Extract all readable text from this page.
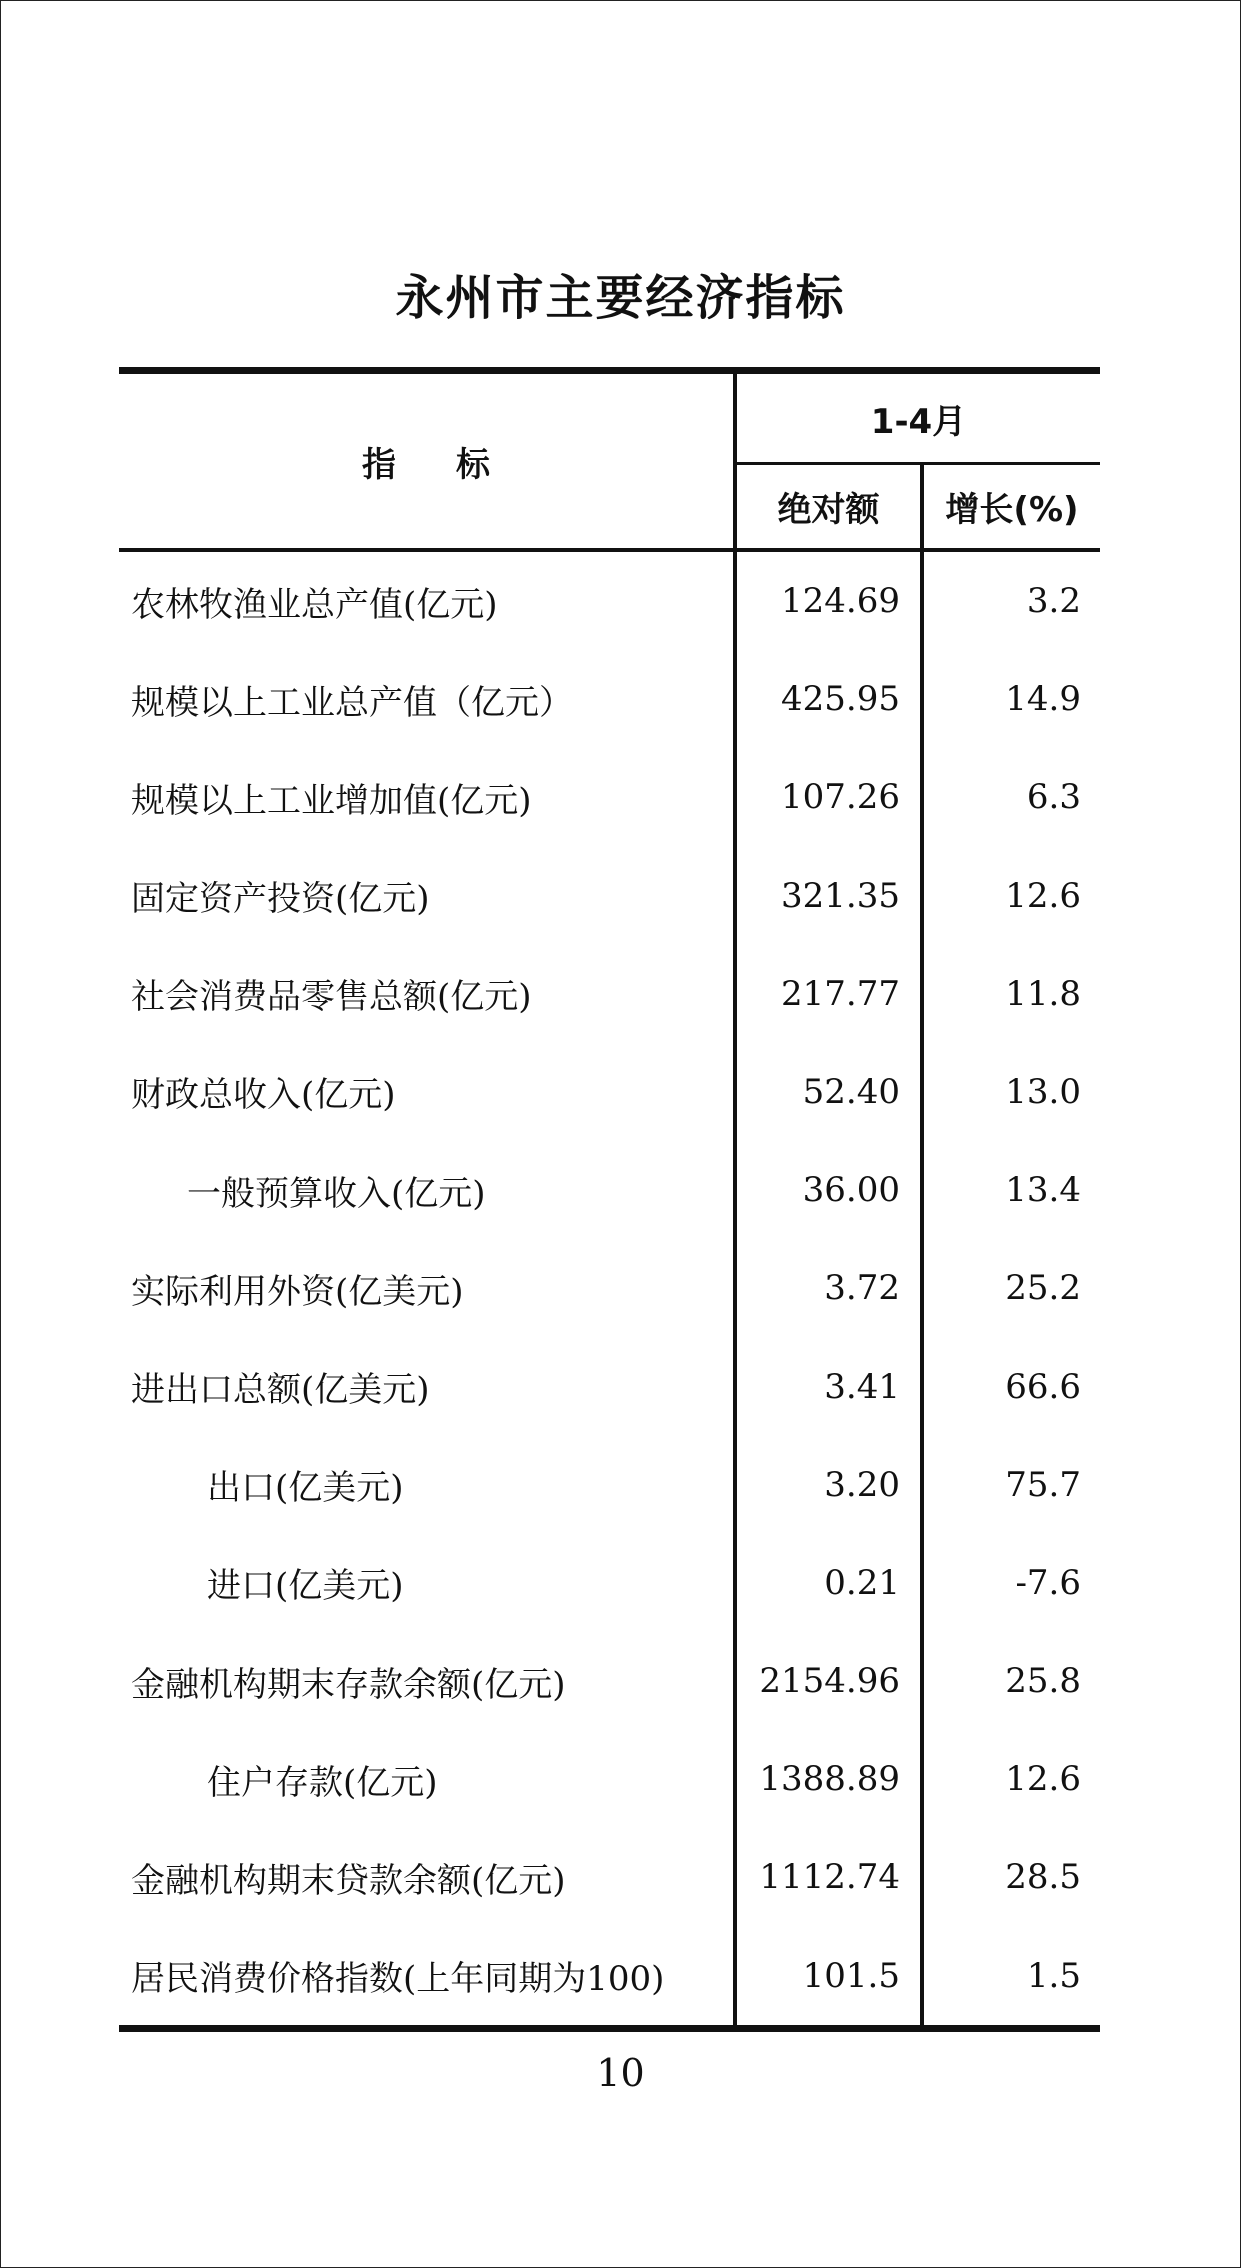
永州市主要经济指标
指标
1-4月
绝对额	增长(%)
农林牧渔业总产值(亿元)	124.69	3.2
规模以上工业总产值（亿元）	425.95	14.9
规模以上工业增加值(亿元)	107.26	6.3
固定资产投资(亿元)	321.35	12.6
社会消费品零售总额(亿元)	217.77	11.8
财政总收入(亿元)	52.40	13.0
一般预算收入(亿元)	36.00	13.4
实际利用外资(亿美元)	3.72	25.2
进出口总额(亿美元)	3.41	66.6
出口(亿美元)	3.20	75.7
进口(亿美元)	0.21	-7.6
金融机构期末存款余额(亿元)	2154.96	25.8
住户存款(亿元)	1388.89	12.6
金融机构期末贷款余额(亿元)	1112.74	28.5
居民消费价格指数(上年同期为100)	101.5	1.5
10
